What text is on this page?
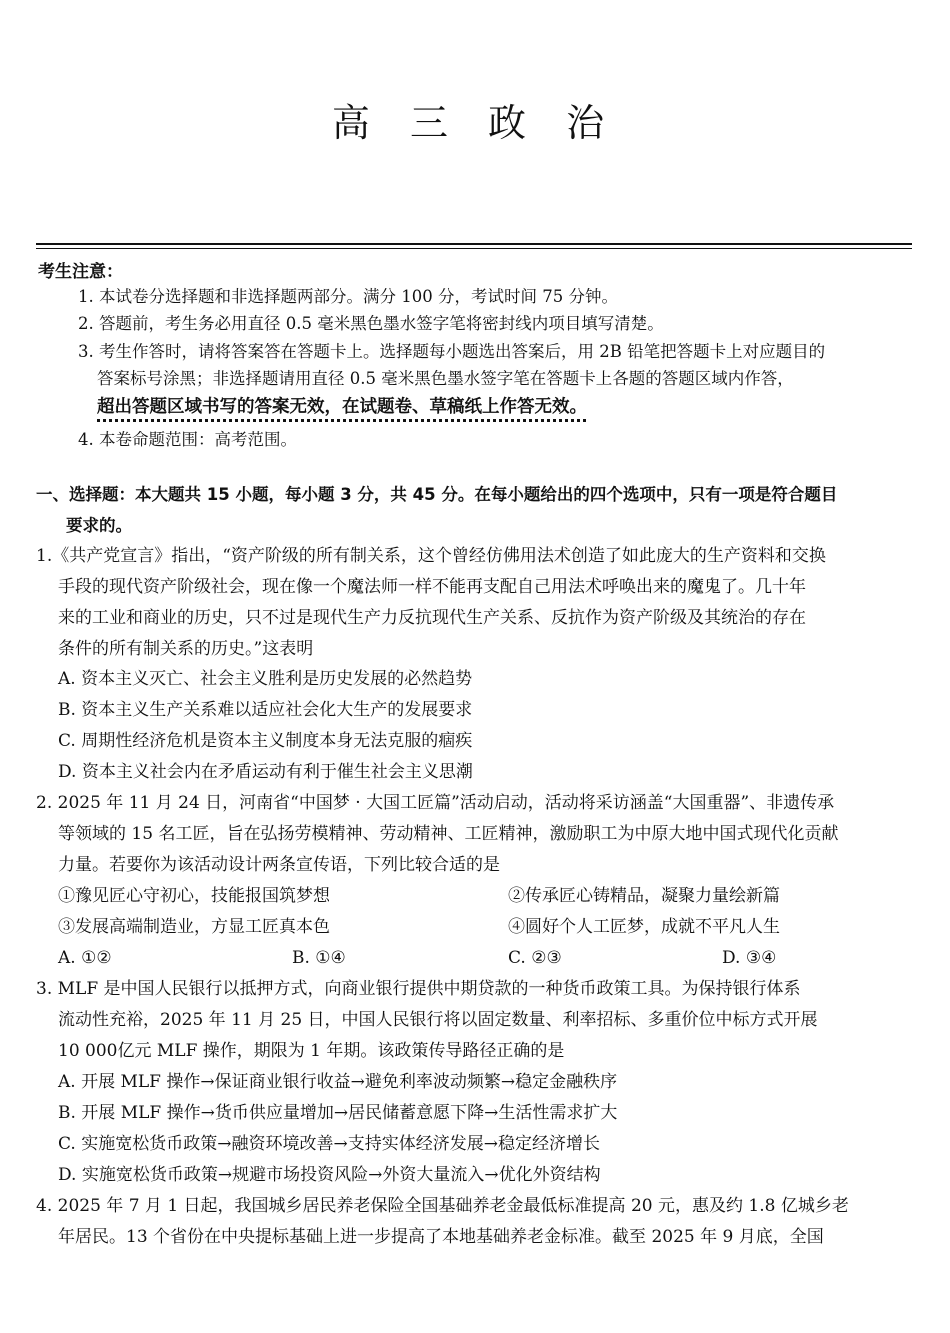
高 三 政 治
考生注意：
1. 本试卷分选择题和非选择题两部分。满分 100 分，考试时间 75 分钟。
2. 答题前，考生务必用直径 0.5 毫米黑色墨水签字笔将密封线内项目填写清楚。
3. 考生作答时，请将答案答在答题卡上。选择题每小题选出答案后，用 2B 铅笔把答题卡上对应题目的
答案标号涂黑；非选择题请用直径 0.5 毫米黑色墨水签字笔在答题卡上各题的答题区域内作答，
超出答题区域书写的答案无效，在试题卷、草稿纸上作答无效。
4. 本卷命题范围：高考范围。
一、选择题：本大题共 15 小题，每小题 3 分，共 45 分。在每小题给出的四个选项中，只有一项是符合题目
要求的。
1.《共产党宣言》指出，“资产阶级的所有制关系，这个曾经仿佛用法术创造了如此庞大的生产资料和交换
手段的现代资产阶级社会，现在像一个魔法师一样不能再支配自己用法术呼唤出来的魔鬼了。几十年
来的工业和商业的历史，只不过是现代生产力反抗现代生产关系、反抗作为资产阶级及其统治的存在
条件的所有制关系的历史。”这表明
A. 资本主义灭亡、社会主义胜利是历史发展的必然趋势
B. 资本主义生产关系难以适应社会化大生产的发展要求
C. 周期性经济危机是资本主义制度本身无法克服的痼疾
D. 资本主义社会内在矛盾运动有利于催生社会主义思潮
2. 2025 年 11 月 24 日，河南省“中国梦 · 大国工匠篇”活动启动，活动将采访涵盖“大国重器”、非遗传承
等领域的 15 名工匠，旨在弘扬劳模精神、劳动精神、工匠精神，激励职工为中原大地中国式现代化贡献
力量。若要你为该活动设计两条宣传语，下列比较合适的是
①豫见匠心守初心，技能报国筑梦想	②传承匠心铸精品，凝聚力量绘新篇
③发展高端制造业，方显工匠真本色	④圆好个人工匠梦，成就不平凡人生
A. ①②	B. ①④	C. ②③	D. ③④
3. MLF 是中国人民银行以抵押方式，向商业银行提供中期贷款的一种货币政策工具。为保持银行体系
流动性充裕，2025 年 11 月 25 日，中国人民银行将以固定数量、利率招标、多重价位中标方式开展
10 000亿元 MLF 操作，期限为 1 年期。该政策传导路径正确的是
A. 开展 MLF 操作→保证商业银行收益→避免利率波动频繁→稳定金融秩序
B. 开展 MLF 操作→货币供应量增加→居民储蓄意愿下降→生活性需求扩大
C. 实施宽松货币政策→融资环境改善→支持实体经济发展→稳定经济增长
D. 实施宽松货币政策→规避市场投资风险→外资大量流入→优化外资结构
4. 2025 年 7 月 1 日起，我国城乡居民养老保险全国基础养老金最低标准提高 20 元，惠及约 1.8 亿城乡老
年居民。13 个省份在中央提标基础上进一步提高了本地基础养老金标准。截至 2025 年 9 月底，全国
